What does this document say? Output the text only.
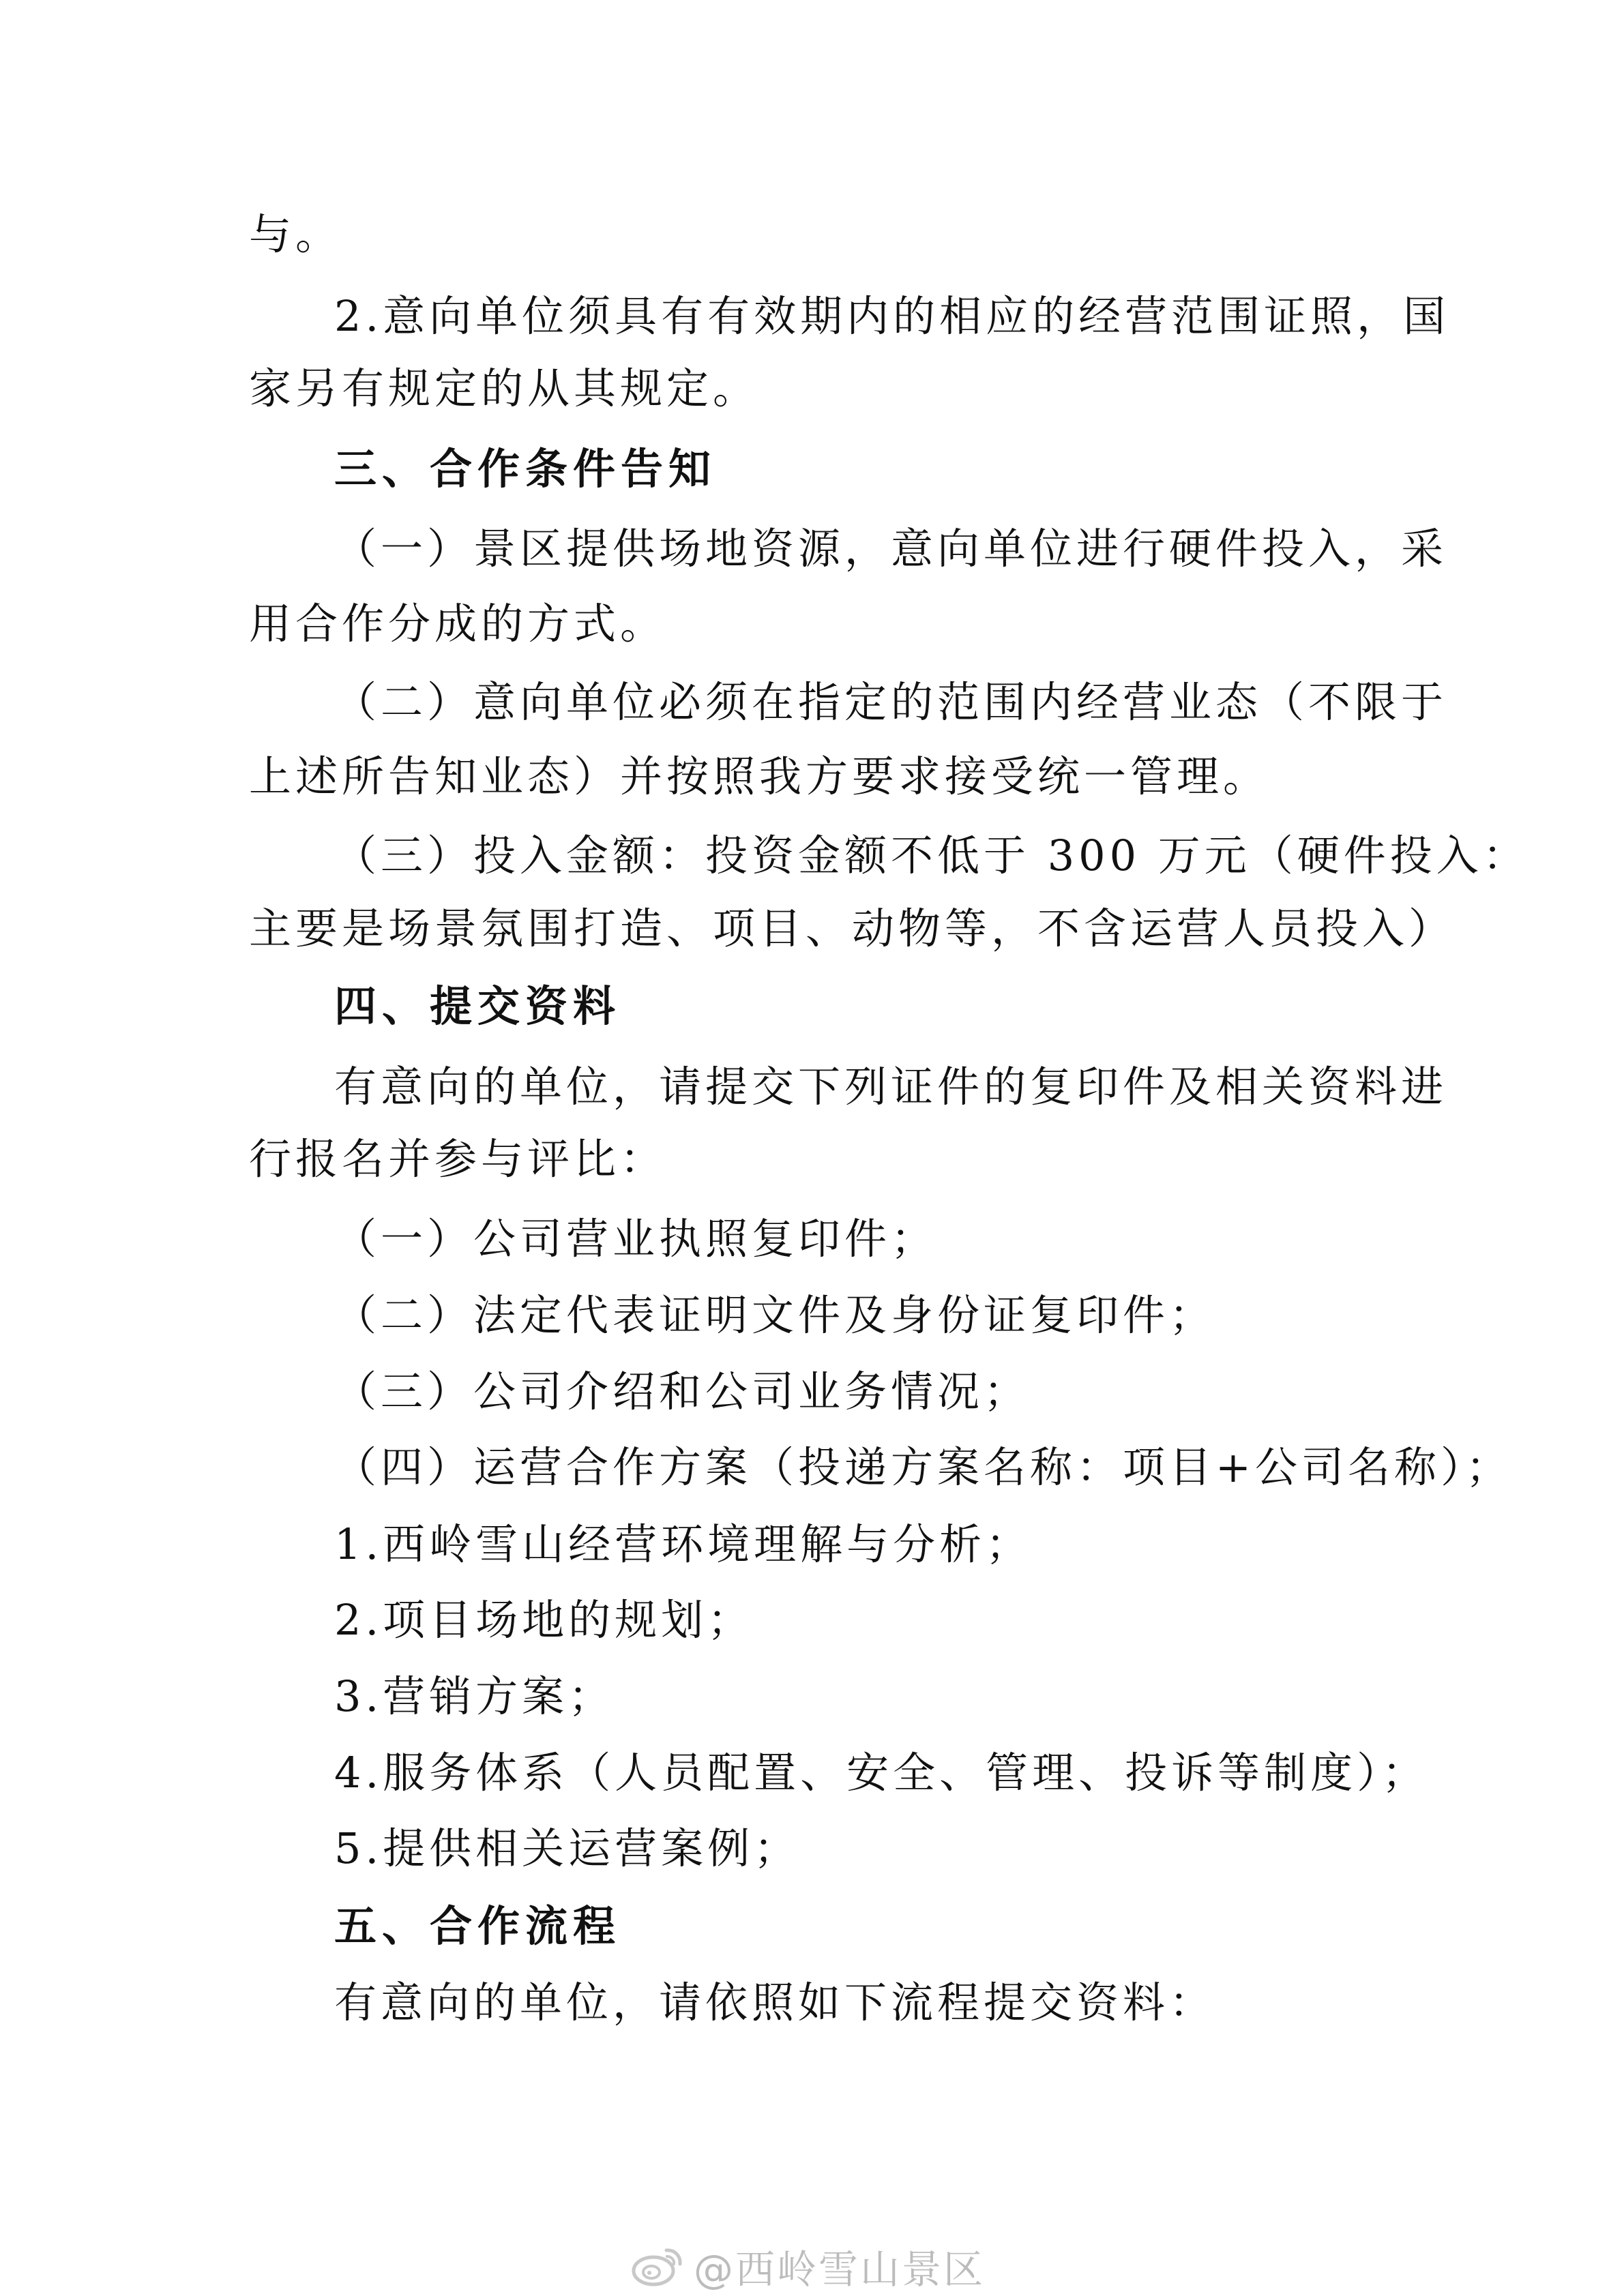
与。
2.意向单位须具有有效期内的相应的经营范围证照，国
家另有规定的从其规定。
三、合作条件告知
（一）景区提供场地资源，意向单位进行硬件投入，采
用合作分成的方式。
（二）意向单位必须在指定的范围内经营业态（不限于
上述所告知业态）并按照我方要求接受统一管理。
（三）投入金额：投资金额不低于 300 万元（硬件投入：
主要是场景氛围打造、项目、动物等，不含运营人员投入）
四、提交资料
有意向的单位，请提交下列证件的复印件及相关资料进
行报名并参与评比：
（一）公司营业执照复印件；
（二）法定代表证明文件及身份证复印件；
（三）公司介绍和公司业务情况；
（四）运营合作方案（投递方案名称：项目+公司名称）；
1.西岭雪山经营环境理解与分析；
2.项目场地的规划；
3.营销方案；
4.服务体系（人员配置、安全、管理、投诉等制度）；
5.提供相关运营案例；
五、合作流程
有意向的单位，请依照如下流程提交资料：
@西岭雪山景区
